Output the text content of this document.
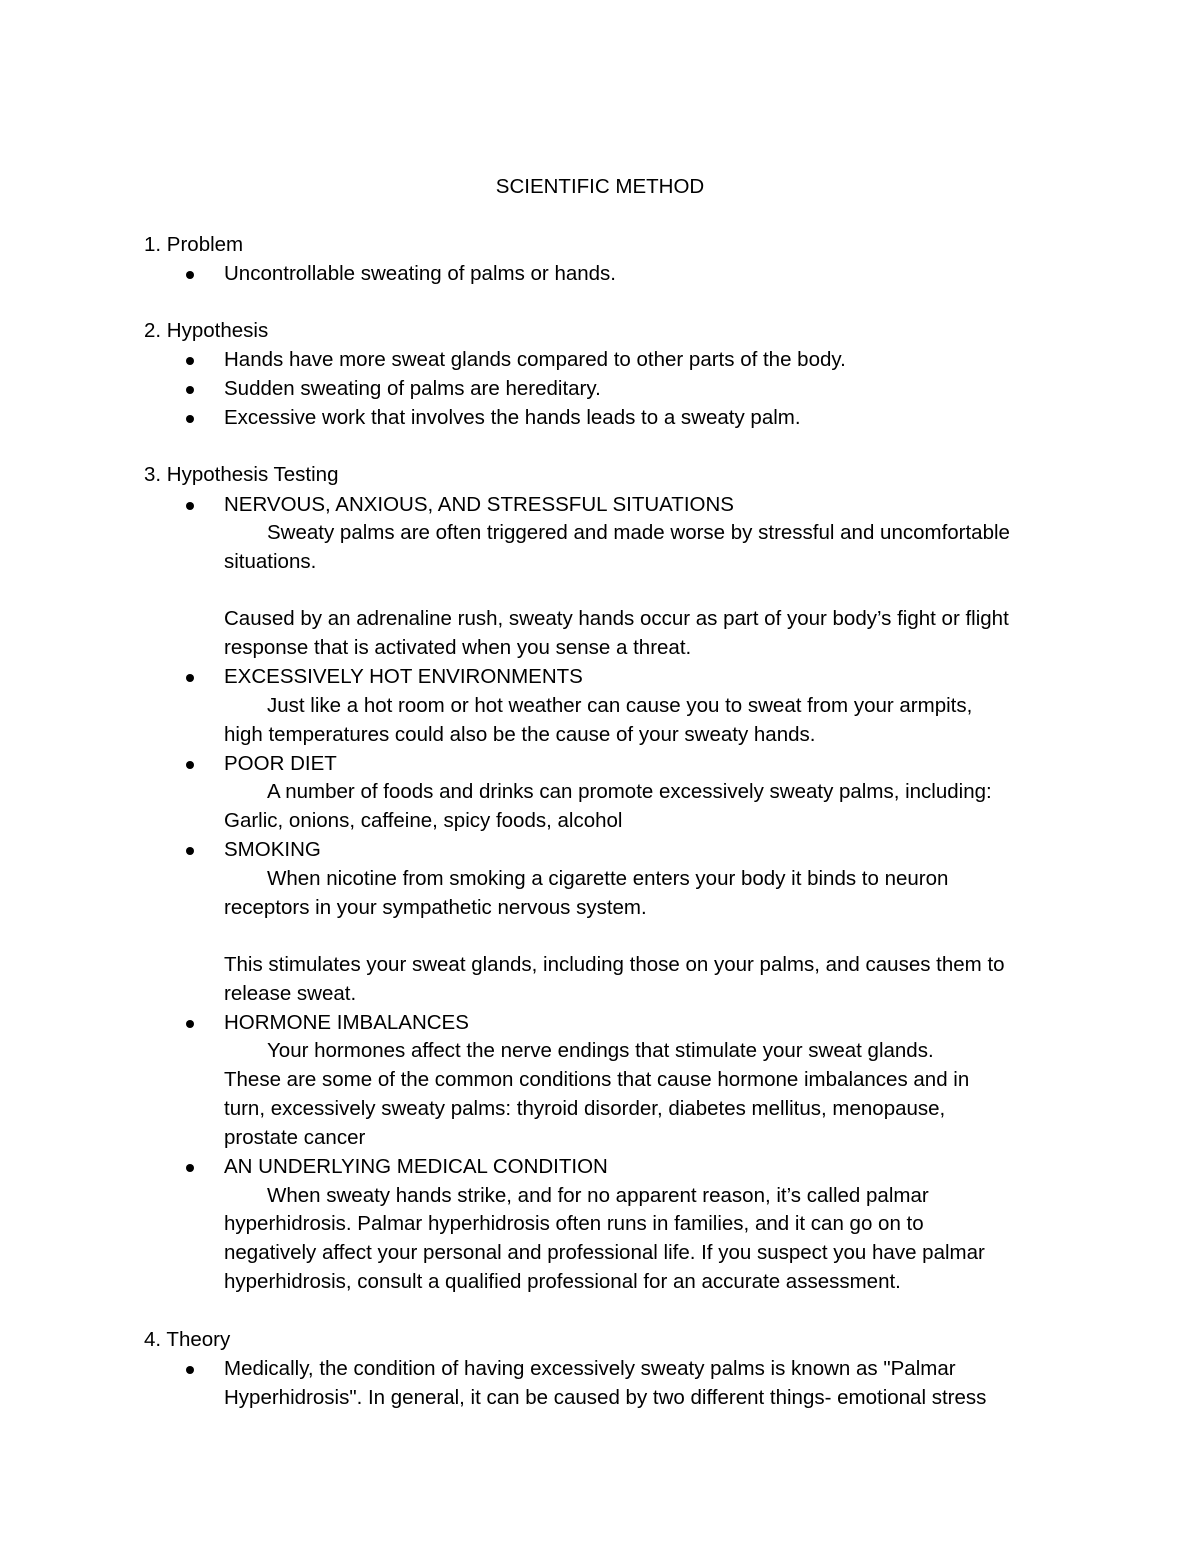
SCIENTIFIC METHOD
1. Problem
Uncontrollable sweating of palms or hands.
2. Hypothesis
Hands have more sweat glands compared to other parts of the body.
Sudden sweating of palms are hereditary.
Excessive work that involves the hands leads to a sweaty palm.
3. Hypothesis Testing
NERVOUS, ANXIOUS, AND STRESSFUL SITUATIONS
Sweaty palms are often triggered and made worse by stressful and uncomfortable
situations.
Caused by an adrenaline rush, sweaty hands occur as part of your body’s fight or flight
response that is activated when you sense a threat.
EXCESSIVELY HOT ENVIRONMENTS
Just like a hot room or hot weather can cause you to sweat from your armpits,
high temperatures could also be the cause of your sweaty hands.
POOR DIET
A number of foods and drinks can promote excessively sweaty palms, including:
Garlic, onions, caffeine, spicy foods, alcohol
SMOKING
When nicotine from smoking a cigarette enters your body it binds to neuron
receptors in your sympathetic nervous system.
This stimulates your sweat glands, including those on your palms, and causes them to
release sweat.
HORMONE IMBALANCES
Your hormones affect the nerve endings that stimulate your sweat glands.
These are some of the common conditions that cause hormone imbalances and in
turn, excessively sweaty palms: thyroid disorder, diabetes mellitus, menopause,
prostate cancer
AN UNDERLYING MEDICAL CONDITION
When sweaty hands strike, and for no apparent reason, it’s called palmar
hyperhidrosis. Palmar hyperhidrosis often runs in families, and it can go on to
negatively affect your personal and professional life. If you suspect you have palmar
hyperhidrosis, consult a qualified professional for an accurate assessment.
4. Theory
Medically, the condition of having excessively sweaty palms is known as "Palmar
Hyperhidrosis". In general, it can be caused by two different things- emotional stress
